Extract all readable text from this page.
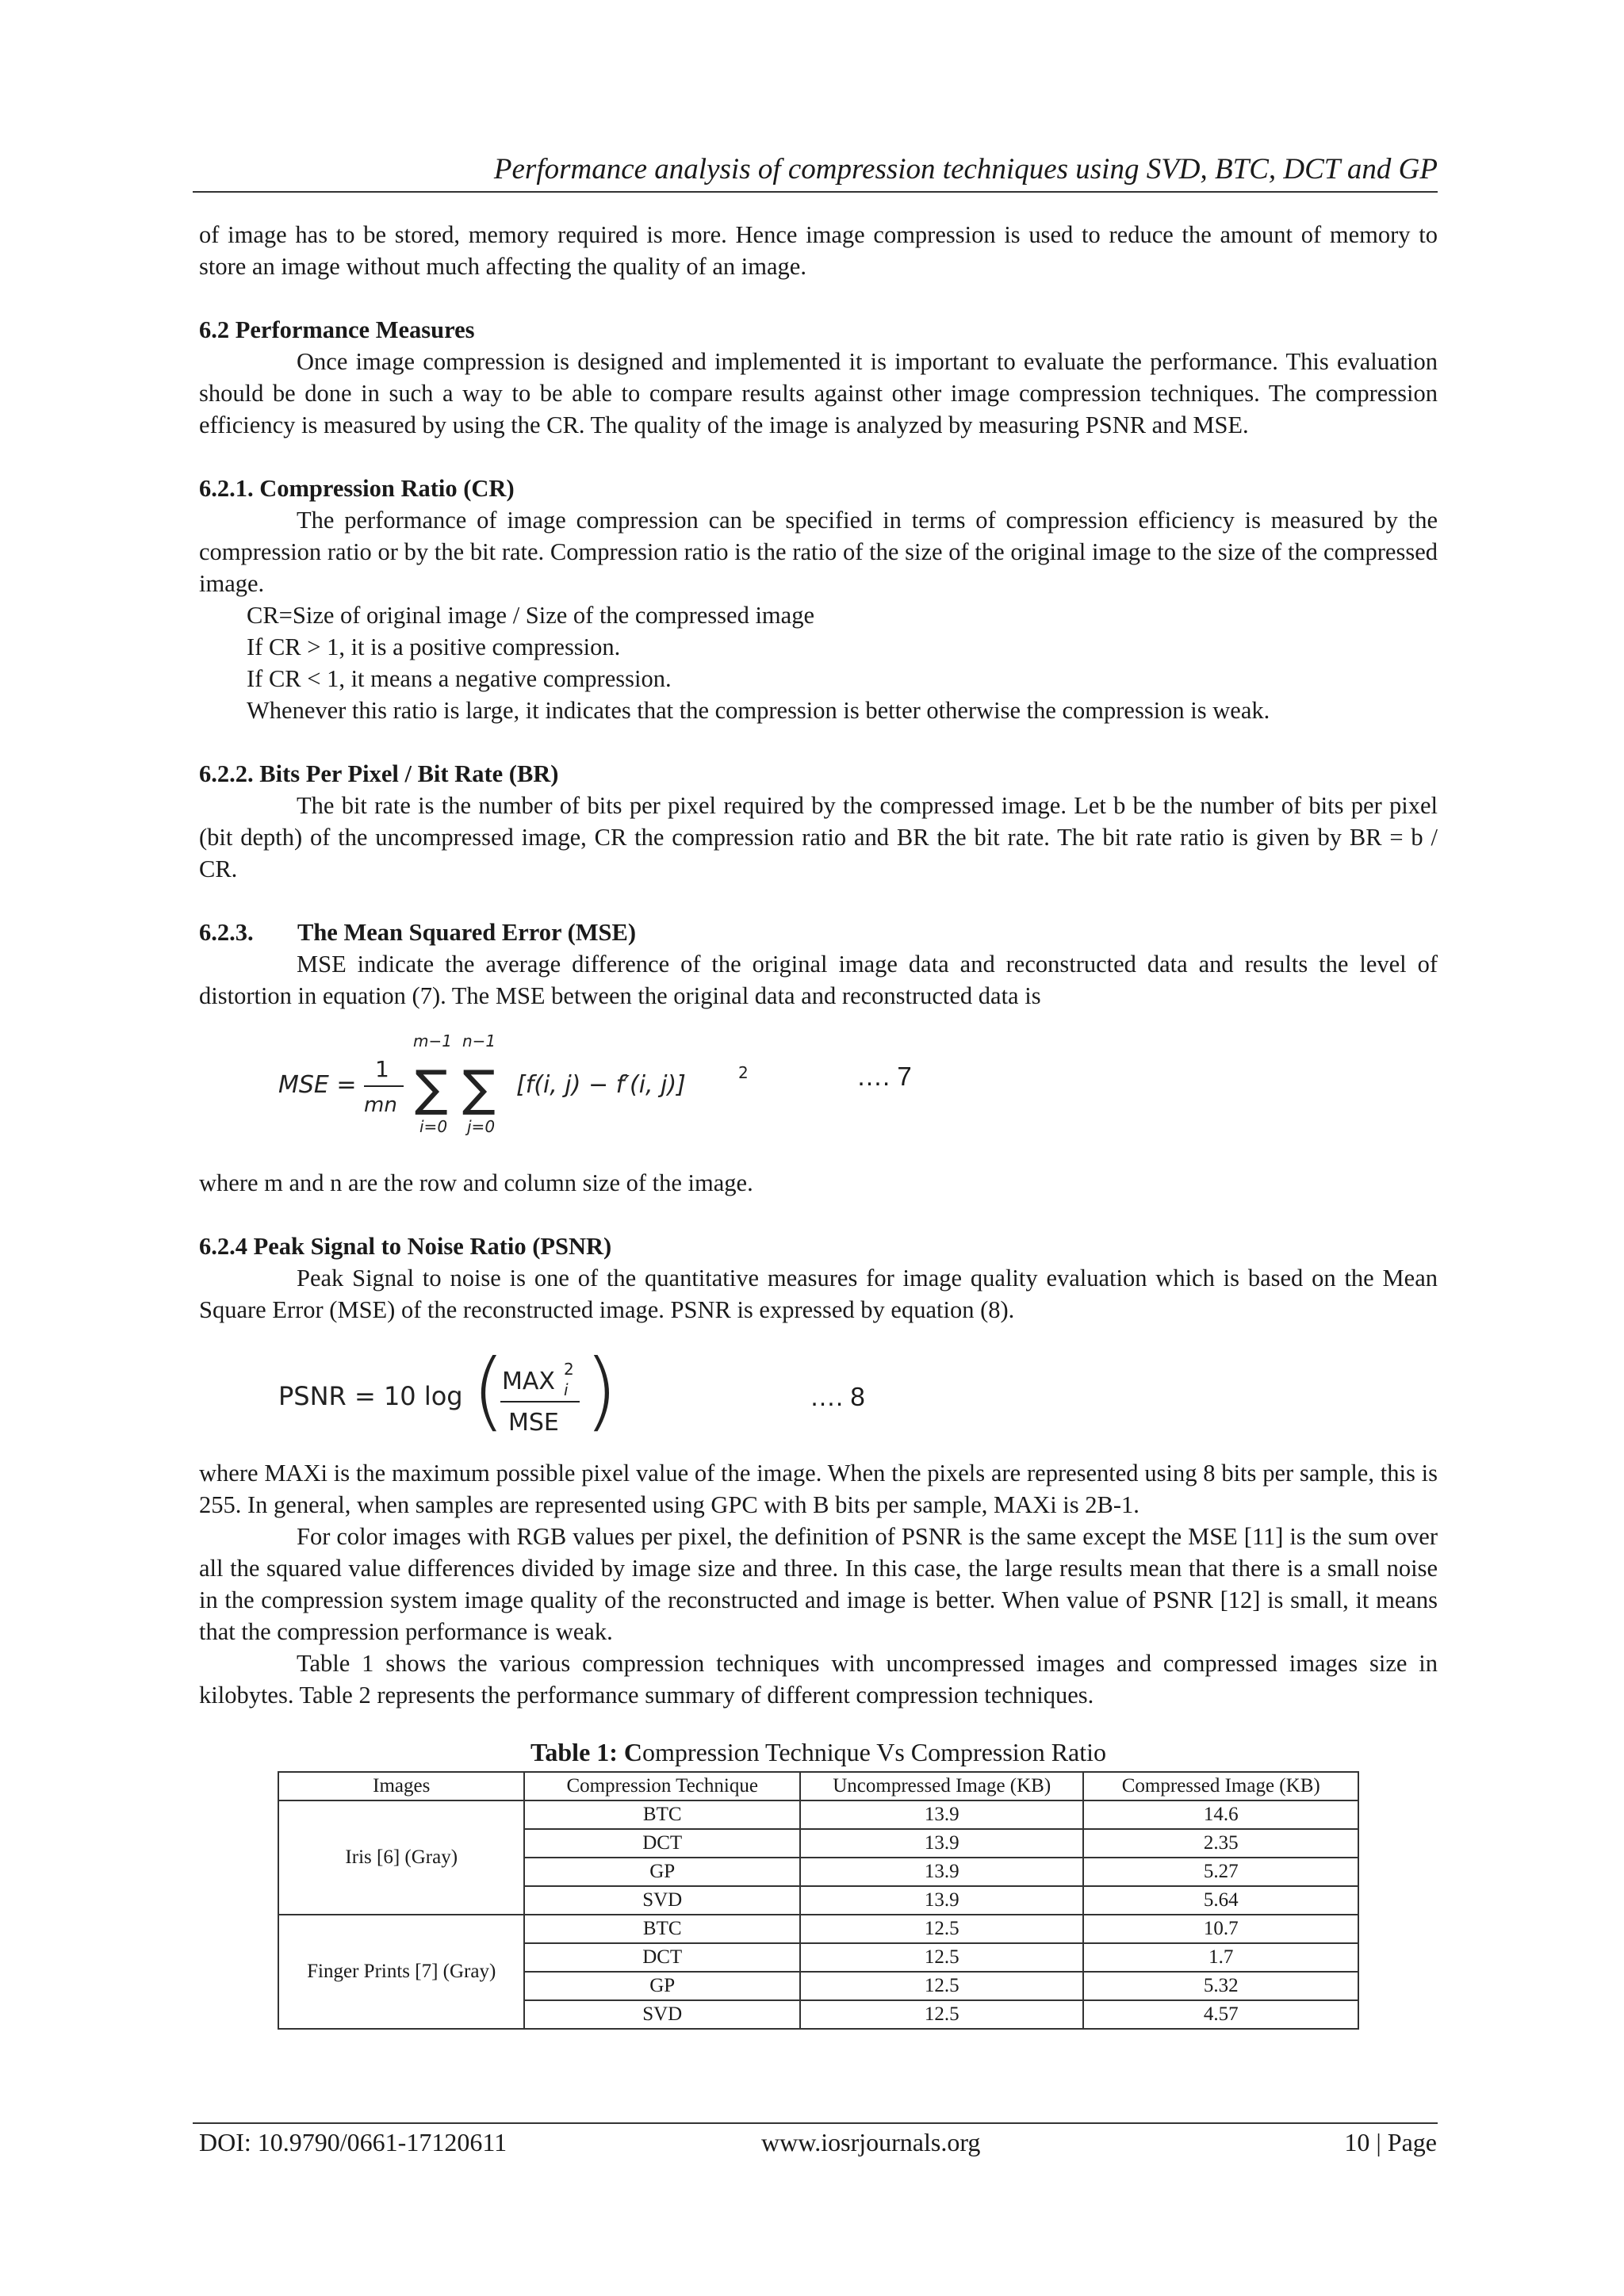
Performance analysis of compression techniques using SVD, BTC, DCT and GP

of image has to be stored, memory required is more. Hence image compression is used to reduce the amount of memory to store an image without much affecting the quality of an image.

6.2 Performance Measures

Once image compression is designed and implemented it is important to evaluate the performance. This evaluation should be done in such a way to be able to compare results against other image compression techniques. The compression efficiency is measured by using the CR. The quality of the image is analyzed by measuring PSNR and MSE.

6.2.1. Compression Ratio (CR)

The performance of image compression can be specified in terms of compression efficiency is measured by the compression ratio or by the bit rate. Compression ratio is the ratio of the size of the original image to the size of the compressed image.

CR=Size of original image / Size of the compressed image

If CR > 1, it is a positive compression.

If CR < 1, it means a negative compression.

Whenever this ratio is large, it indicates that the compression is better otherwise the compression is weak.

6.2.2. Bits Per Pixel / Bit Rate (BR)

The bit rate is the number of bits per pixel required by the compressed image. Let b be the number of bits per pixel (bit depth) of the uncompressed image, CR the compression ratio and BR the bit rate. The bit rate ratio is given by BR = b / CR.

6.2.3. The Mean Squared Error (MSE)

MSE indicate the average difference of the original image data and reconstructed data and results the level of distortion in equation (7). The MSE between the original data and reconstructed data is

MSE =
1
mn
m−1
∑
i=0
n−1
∑
j=0
[f(i, j) − f′(i, j)]	2	…. 7

where m and n are the row and column size of the image.

6.2.4 Peak Signal to Noise Ratio (PSNR)

Peak Signal to noise is one of the quantitative measures for image quality evaluation which is based on the Mean Square Error (MSE) of the reconstructed image. PSNR is expressed by equation (8).

PSNR = 10 log (
MAX 2
i
MSE )	…. 8

where MAXi is the maximum possible pixel value of the image. When the pixels are represented using 8 bits per sample, this is 255. In general, when samples are represented using GPC with B bits per sample, MAXi is 2B-1.

For color images with RGB values per pixel, the definition of PSNR is the same except the MSE [11] is the sum over all the squared value differences divided by image size and three. In this case, the large results mean that there is a small noise in the compression system image quality of the reconstructed and image is better. When value of PSNR [12] is small, it means that the compression performance is weak.

Table 1 shows the various compression techniques with uncompressed images and compressed images size in kilobytes. Table 2 represents the performance summary of different compression techniques.

Table 1: Compression Technique Vs Compression Ratio
Images	Compression Technique	Uncompressed Image (KB)	Compressed Image (KB)
Iris [6] (Gray)	BTC	13.9	14.6
	DCT	13.9	2.35
	GP	13.9	5.27
	SVD	13.9	5.64
Finger Prints [7] (Gray)	BTC	12.5	10.7
	DCT	12.5	1.7
	GP	12.5	5.32
	SVD	12.5	4.57
DOI: 10.9790/0661-17120611	www.iosrjournals.org	10 | Page
